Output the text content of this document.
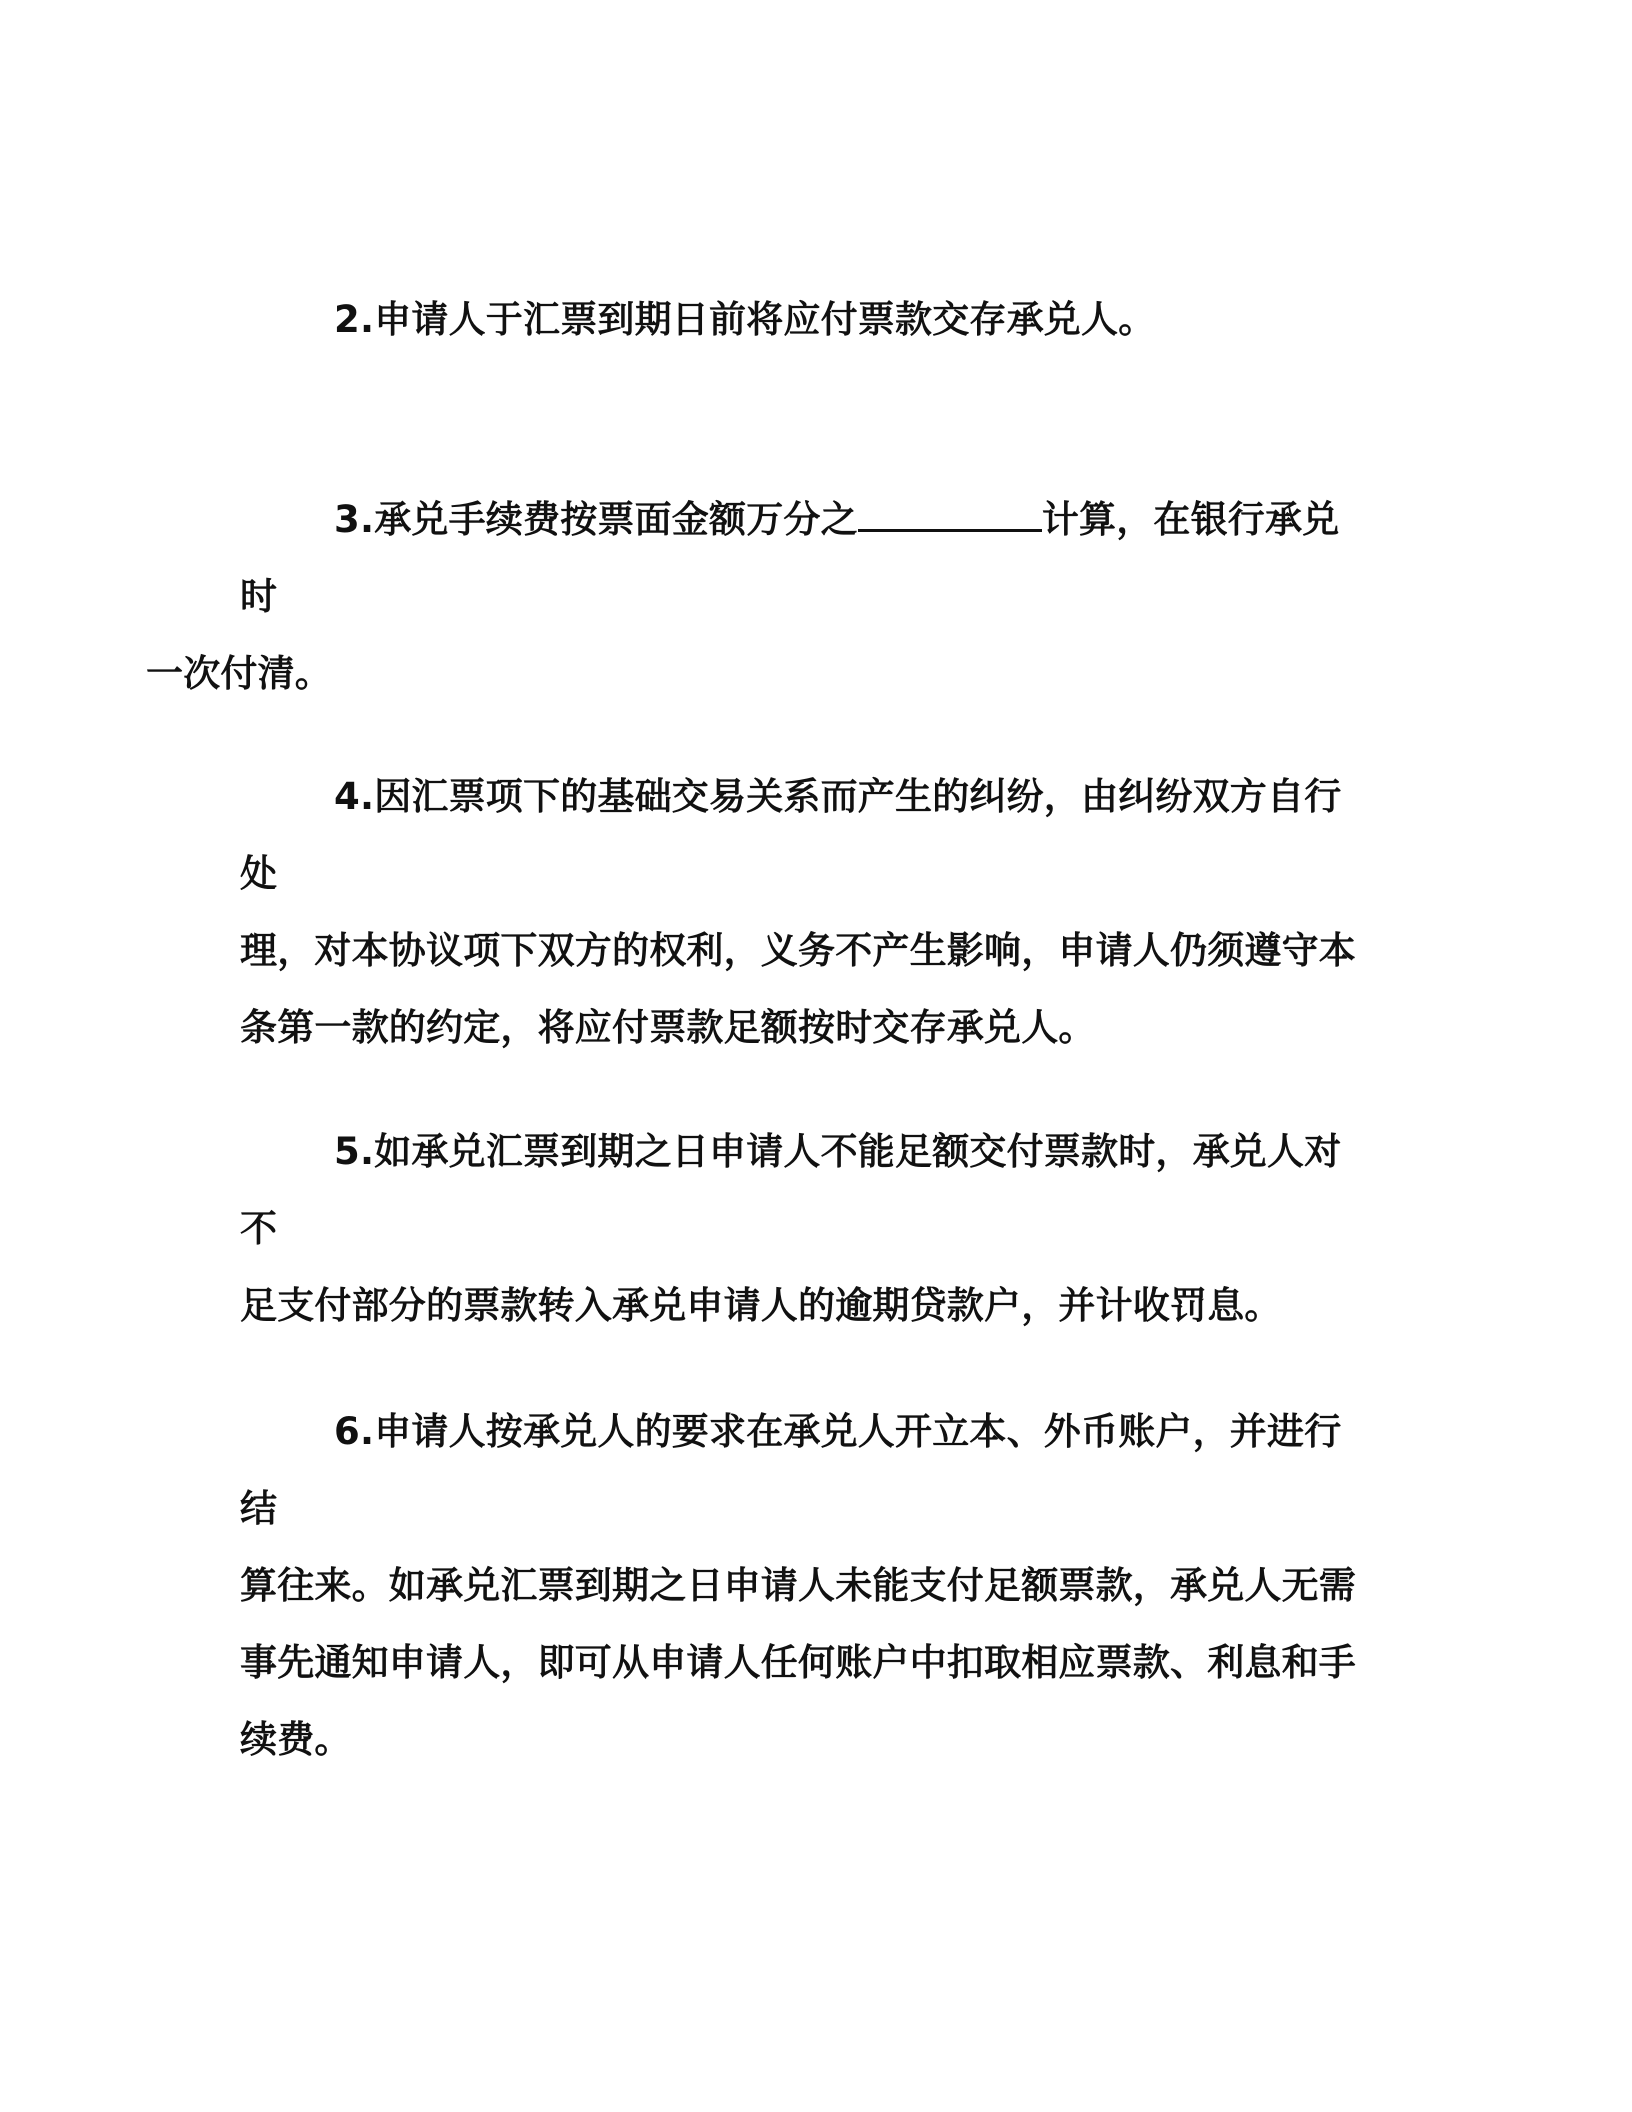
2.申请人于汇票到期日前将应付票款交存承兑人。

3.承兑手续费按票面金额万分之	计算，在银行承兑时
一次付清。

4.因汇票项下的基础交易关系而产生的纠纷，由纠纷双方自行处
理，对本协议项下双方的权利，义务不产生影响，申请人仍须遵守本
条第一款的约定，将应付票款足额按时交存承兑人。

5.如承兑汇票到期之日申请人不能足额交付票款时，承兑人对不
足支付部分的票款转入承兑申请人的逾期贷款户，并计收罚息。

6.申请人按承兑人的要求在承兑人开立本、外币账户，并进行结
算往来。如承兑汇票到期之日申请人未能支付足额票款，承兑人无需
事先通知申请人，即可从申请人任何账户中扣取相应票款、利息和手
续费。
